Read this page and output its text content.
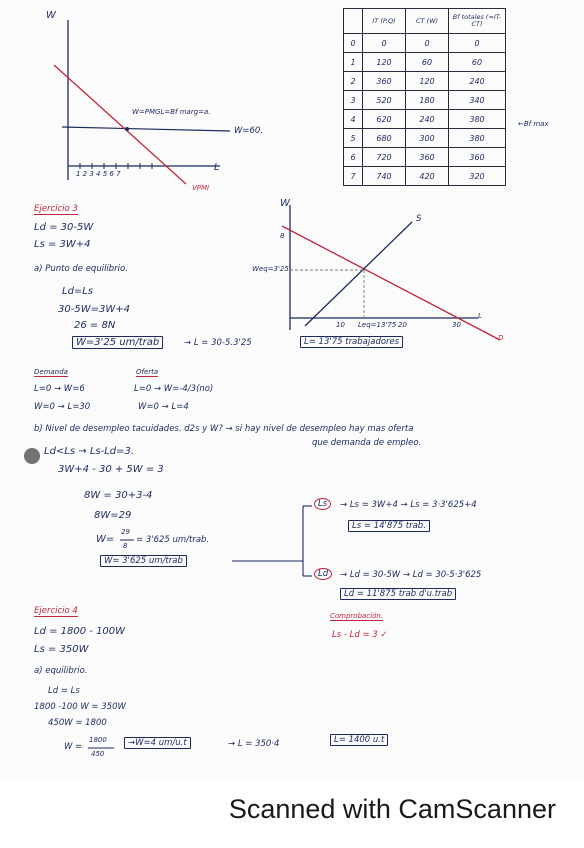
W
L
1 2 3 4 5 6 7
W=PMGL=Bf marg=a.
W=60.
VPMI
	IT (P.Q)	CT (W)	Bf totales (=IT-CT)
0	0	0	0
1	120	60	60
2	360	120	240
3	520	180	340
4	620	240	380
5	680	300	380
6	720	360	360
7	740	420	320
←Bf max
Ejercicio 3
Ld = 30-5W
Ls = 3W+4
a) Punto de equilibrio.
Ld=Ls
30-5W=3W+4
26 = 8N
W=3'25 um/trab	→ L = 30-5.3'25	L= 13'75 trabajadores
W
S
D
L
8
Weq=3'25
10 Leq=13'75 20	30
Demanda
L=0 → W=6
W=0 → L=30
Oferta
L=0 → W=-4/3(no)
W=0 → L=4
b) Nivel de desempleo tacuidades. d2s y W? → si hay nivel de desempleo hay mas oferta
que demanda de empleo.
Ld<Ls → Ls-Ld=3.
3W+4 - 30 + 5W = 3
8W = 30+3-4
8W=29
W=
29
8
= 3'625 um/trab.
W= 3'625 um/trab
Ls	→ Ls = 3W+4 → Ls = 3·3'625+4
Ls = 14'875 trab.
Ld	→ Ld = 30-5W → Ld = 30-5·3'625
Ld = 11'875 trab d'u.trab
Ejercicio 4
Ld = 1800 - 100W
Ls = 350W
Comprobación.
Ls - Ld = 3 ✓
a) equilibrio.
Ld = Ls
1800 -100 W = 350W
450W = 1800
W =
1800
450
→W=4 um/u.t	→ L = 350·4	L= 1400 u.t
Scanned with CamScanner
